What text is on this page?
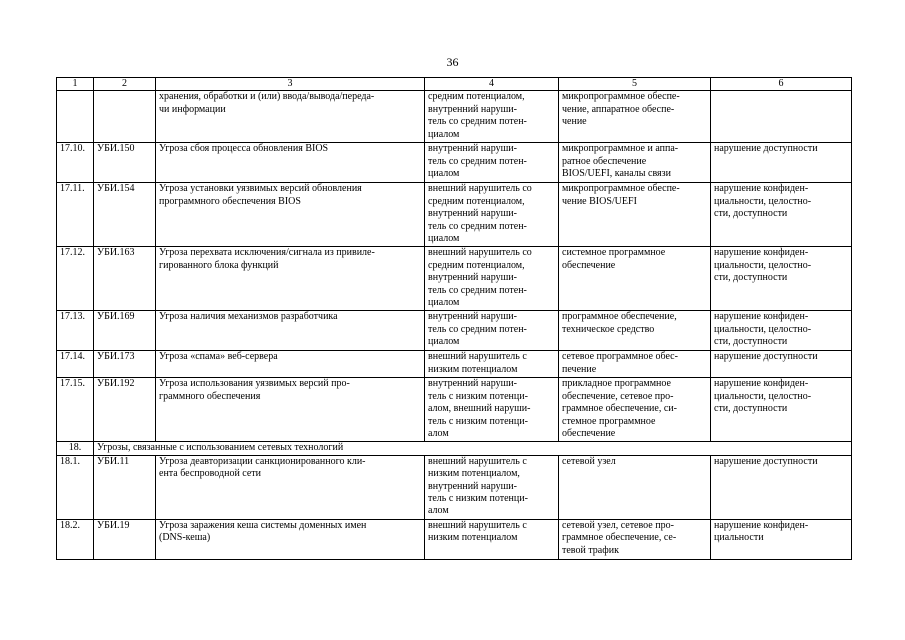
36
1	2	3	4	5	6
		хранения, обработки и (или) ввода/вывода/переда-
чи информации	средним потенциалом,
внутренний наруши-
тель со средним потен-
циалом	микропрограммное обеспе-
чение, аппаратное обеспе-
чение	
17.10.	УБИ.150	Угроза сбоя процесса обновления BIOS	внутренний наруши-
тель со средним потен-
циалом	микропрограммное и аппа-
ратное обеспечение
BIOS/UEFI, каналы связи	нарушение доступности
17.11.	УБИ.154	Угроза установки уязвимых версий обновления
программного обеспечения BIOS	внешний нарушитель со
средним потенциалом,
внутренний наруши-
тель со средним потен-
циалом	микропрограммное обеспе-
чение BIOS/UEFI	нарушение конфиден-
циальности, целостно-
сти, доступности
17.12.	УБИ.163	Угроза перехвата исключения/сигнала из привиле-
гированного блока функций	внешний нарушитель со
средним потенциалом,
внутренний наруши-
тель со средним потен-
циалом	системное программное
обеспечение	нарушение конфиден-
циальности, целостно-
сти, доступности
17.13.	УБИ.169	Угроза наличия механизмов разработчика	внутренний наруши-
тель со средним потен-
циалом	программное обеспечение,
техническое средство	нарушение конфиден-
циальности, целостно-
сти, доступности
17.14.	УБИ.173	Угроза «спама» веб-сервера	внешний нарушитель с
низким потенциалом	сетевое программное обес-
печение	нарушение доступности
17.15.	УБИ.192	Угроза использования уязвимых версий про-
граммного обеспечения	внутренний наруши-
тель с низким потенци-
алом, внешний наруши-
тель с низким потенци-
алом	прикладное программное
обеспечение, сетевое про-
граммное обеспечение, си-
стемное программное
обеспечение	нарушение конфиден-
циальности, целостно-
сти, доступности
18.	Угрозы, связанные с использованием сетевых технологий				
18.1.	УБИ.11	Угроза деавторизации санкционированного кли-
ента беспроводной сети	внешний нарушитель с
низким потенциалом,
внутренний наруши-
тель с низким потенци-
алом	сетевой узел	нарушение доступности
18.2.	УБИ.19	Угроза заражения кеша системы доменных имен
(DNS-кеша)	внешний нарушитель с
низким потенциалом	сетевой узел, сетевое про-
граммное обеспечение, се-
тевой трафик	нарушение конфиден-
циальности
